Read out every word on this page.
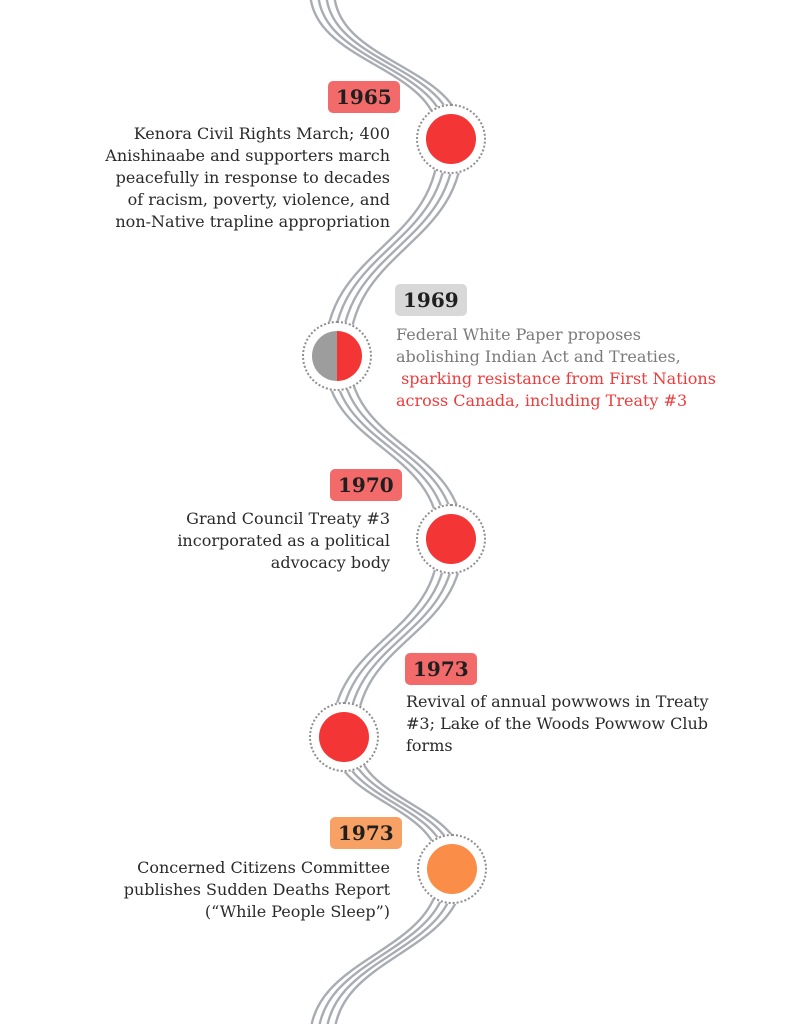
1965
Kenora Civil Rights March; 400
Anishinaabe and supporters march
peacefully in response to decades
of racism, poverty, violence, and
non-Native trapline appropriation
1969
Federal White Paper proposes
abolishing Indian Act and Treaties,
sparking resistance from First Nations
across Canada, including Treaty #3
1970
Grand Council Treaty #3
incorporated as a political
advocacy body
1973
Revival of annual powwows in Treaty
#3; Lake of the Woods Powwow Club
forms
1973
Concerned Citizens Committee
publishes Sudden Deaths Report
(“While People Sleep”)
